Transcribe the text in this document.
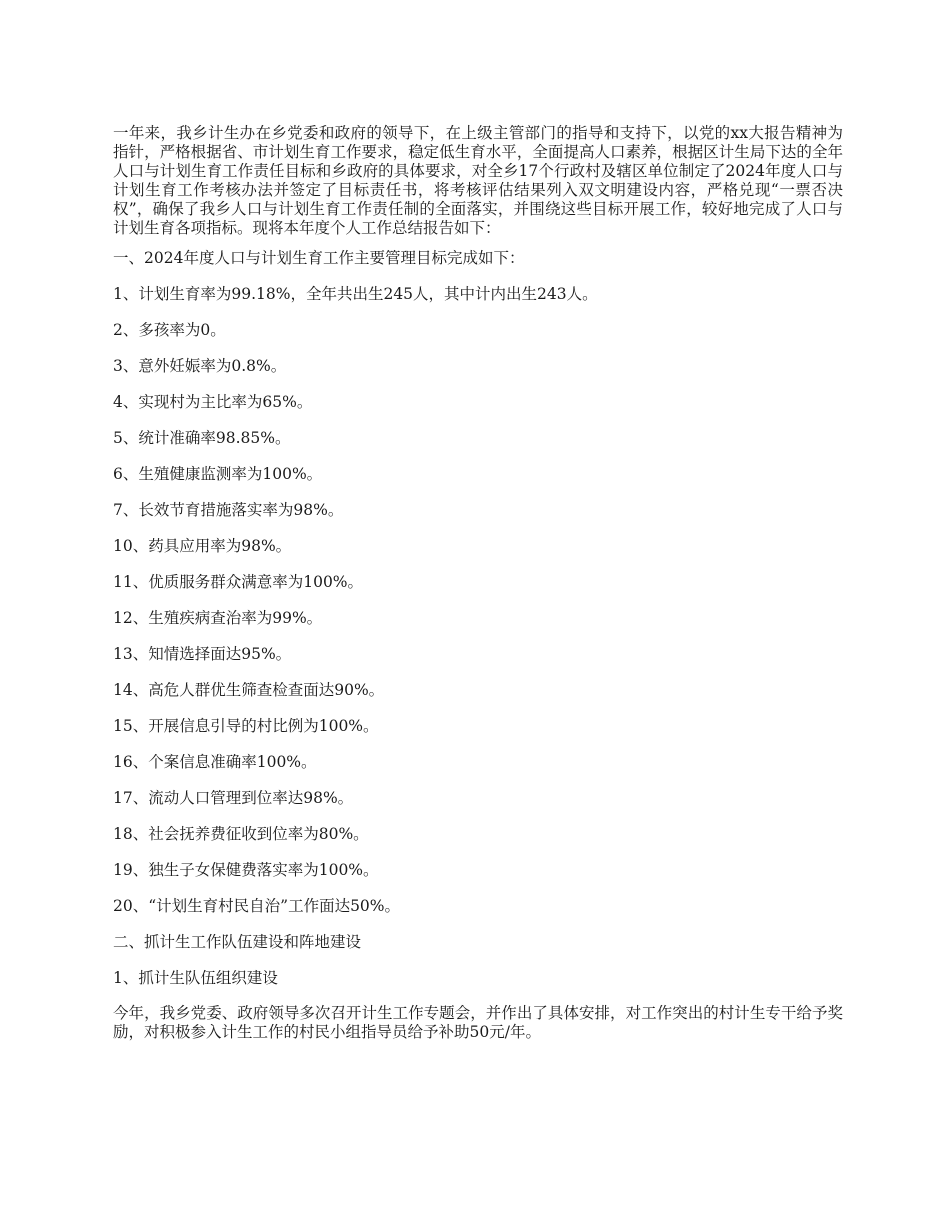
一年来，我乡计生办在乡党委和政府的领导下，在上级主管部门的指导和支持下，以党的xx大报告精神为指针，严格根据省、市计划生育工作要求，稳定低生育水平，全面提高人口素养，根据区计生局下达的全年人口与计划生育工作责任目标和乡政府的具体要求，对全乡17个行政村及辖区单位制定了2024年度人口与计划生育工作考核办法并签定了目标责任书，将考核评估结果列入双文明建设内容，严格兑现“一票否决权”，确保了我乡人口与计划生育工作责任制的全面落实，并围绕这些目标开展工作，较好地完成了人口与计划生育各项指标。现将本年度个人工作总结报告如下：

一、2024年度人口与计划生育工作主要管理目标完成如下：

1、计划生育率为99.18%，全年共出生245人，其中计内出生243人。

2、多孩率为0。

3、意外妊娠率为0.8%。

4、实现村为主比率为65%。

5、统计准确率98.85%。

6、生殖健康监测率为100%。

7、长效节育措施落实率为98%。

10、药具应用率为98%。

11、优质服务群众满意率为100%。

12、生殖疾病查治率为99%。

13、知情选择面达95%。

14、高危人群优生筛查检查面达90%。

15、开展信息引导的村比例为100%。

16、个案信息准确率100%。

17、流动人口管理到位率达98%。

18、社会抚养费征收到位率为80%。

19、独生子女保健费落实率为100%。

20、“计划生育村民自治”工作面达50%。

二、抓计生工作队伍建设和阵地建设

1、抓计生队伍组织建设

今年，我乡党委、政府领导多次召开计生工作专题会，并作出了具体安排，对工作突出的村计生专干给予奖励，对积极参入计生工作的村民小组指导员给予补助50元/年。
